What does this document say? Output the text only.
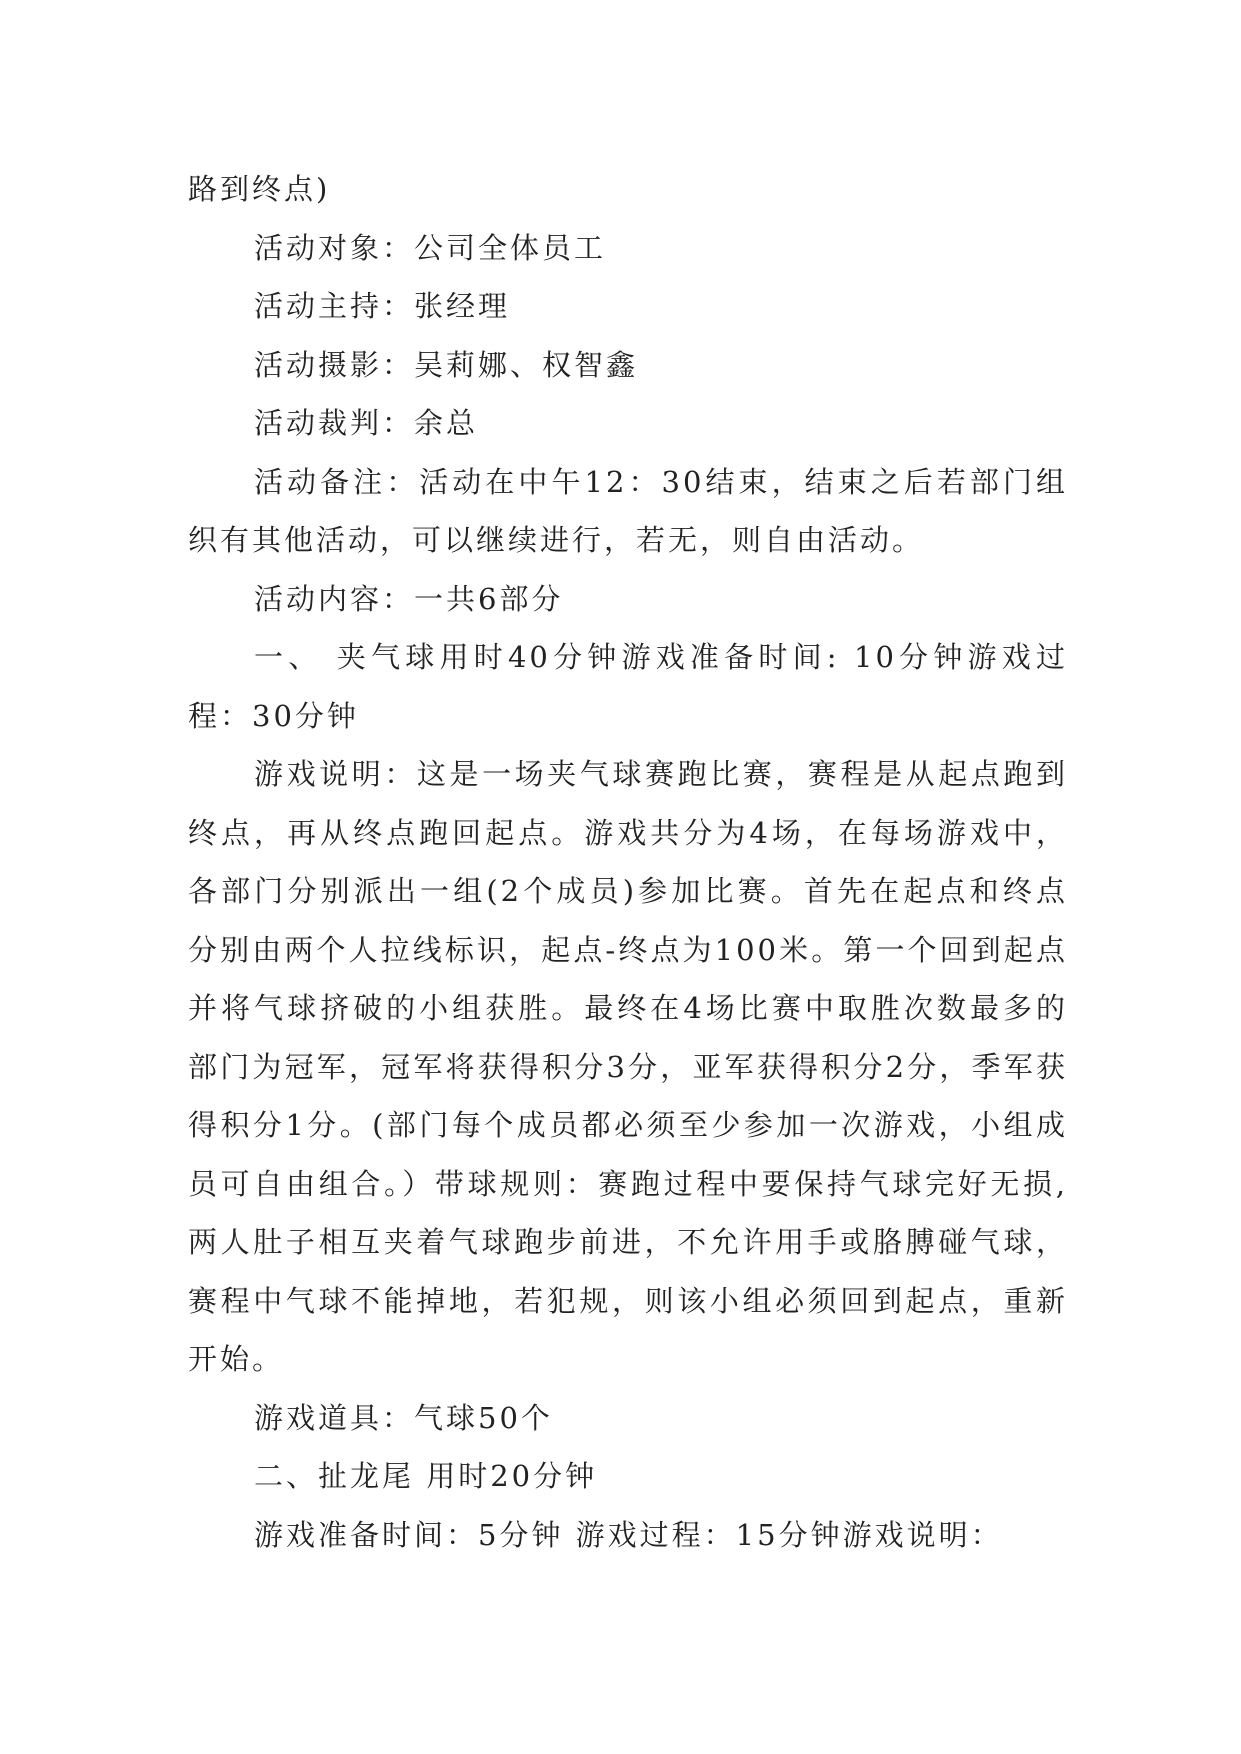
路到终点)

活动对象：公司全体员工

活动主持：张经理

活动摄影：吴莉娜、权智鑫

活动裁判：余总

活动备注：活动在中午12：30结束，结束之后若部门组织有其他活动，可以继续进行，若无，则自由活动。

活动内容：一共6部分

一、 夹气球用时40分钟游戏准备时间: 10分钟游戏过程：30分钟

游戏说明：这是一场夹气球赛跑比赛，赛程是从起点跑到终点，再从终点跑回起点。游戏共分为4场，在每场游戏中，各部门分别派出一组(2个成员)参加比赛。首先在起点和终点分别由两个人拉线标识，起点-终点为100米。第一个回到起点并将气球挤破的小组获胜。最终在4场比赛中取胜次数最多的部门为冠军，冠军将获得积分3分，亚军获得积分2分，季军获得积分1分。(部门每个成员都必须至少参加一次游戏，小组成员可自由组合。）带球规则：赛跑过程中要保持气球完好无损,两人肚子相互夹着气球跑步前进，不允许用手或胳膊碰气球，赛程中气球不能掉地，若犯规，则该小组必须回到起点，重新开始。

游戏道具：气球50个

二、扯龙尾 用时20分钟

游戏准备时间：5分钟 游戏过程：15分钟游戏说明：
